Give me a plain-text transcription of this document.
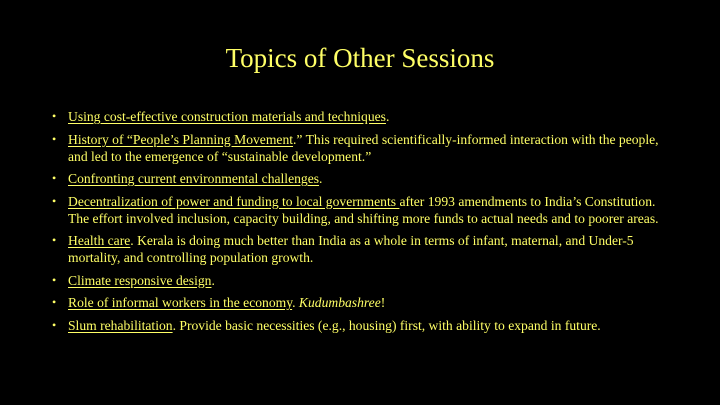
Topics of Other Sessions
• Using cost-effective construction materials and techniques.
• History of “People’s Planning Movement.” This required scientifically-informed interaction with the people, and led to the emergence of “sustainable development.”
• Confronting current environmental challenges.
• Decentralization of power and funding to local governments after 1993 amendments to India’s Constitution. The effort involved inclusion, capacity building, and shifting more funds to actual needs and to poorer areas.
• Health care. Kerala is doing much better than India as a whole in terms of infant, maternal, and Under-5 mortality, and controlling population growth.
• Climate responsive design.
• Role of informal workers in the economy. Kudumbashree!
• Slum rehabilitation. Provide basic necessities (e.g., housing) first, with ability to expand in future.
